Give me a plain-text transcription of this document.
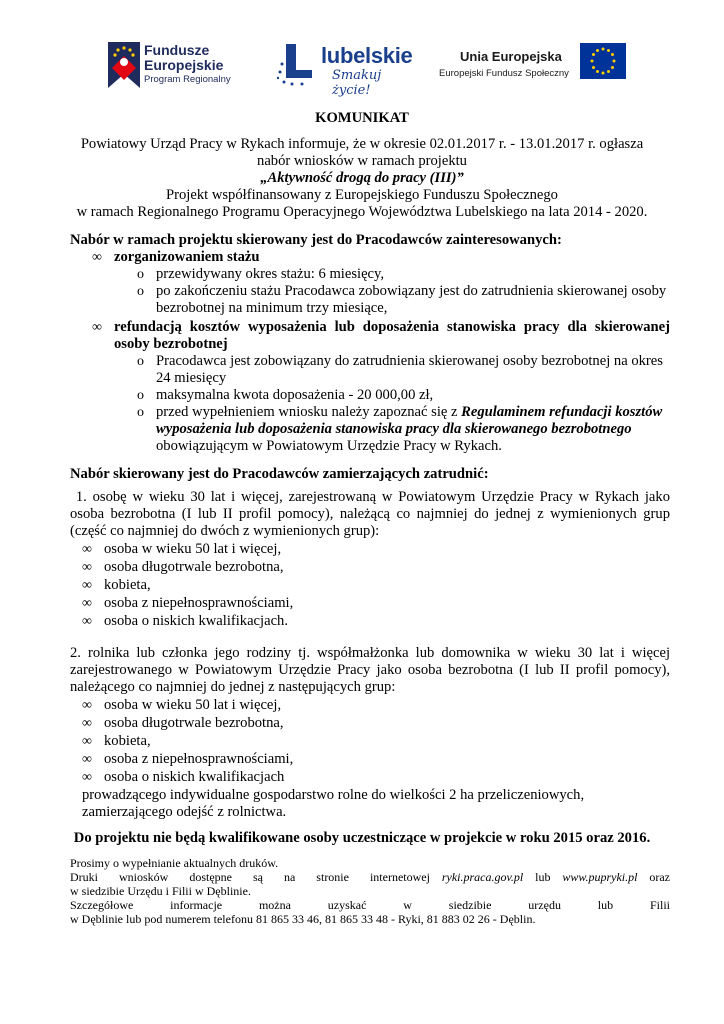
Fundusze
Europejskie
Program Regionalny
lubelskie
Smakuj życie!
Unia Europejska
Europejski Fundusz Społeczny
KOMUNIKAT
Powiatowy Urząd Pracy w Rykach informuje, że w okresie 02.01.2017 r. - 13.01.2017 r. ogłasza
nabór wniosków w ramach projektu
„Aktywność drogą do pracy (III)”
Projekt współfinansowany z Europejskiego Funduszu Społecznego
w ramach Regionalnego Programu Operacyjnego Województwa Lubelskiego na lata 2014 - 2020.
Nabór w ramach projektu skierowany jest do Pracodawców zainteresowanych:
∞ zorganizowaniem stażu
o przewidywany okres stażu: 6 miesięcy,
o po zakończeniu stażu Pracodawca zobowiązany jest do zatrudnienia skierowanej osoby
bezrobotnej na minimum trzy miesiące,
∞ refundacją kosztów wyposażenia lub doposażenia stanowiska pracy dla skierowanej
osoby bezrobotnej
o Pracodawca jest zobowiązany do zatrudnienia skierowanej osoby bezrobotnej na okres
24 miesięcy
o maksymalna kwota doposażenia - 20 000,00 zł,
o przed wypełnieniem wniosku należy zapoznać się z Regulaminem refundacji kosztów
wyposażenia lub doposażenia stanowiska pracy dla skierowanego bezrobotnego
obowiązującym w Powiatowym Urzędzie Pracy w Rykach.
Nabór skierowany jest do Pracodawców zamierzających zatrudnić:
1. osobę w wieku 30 lat i więcej, zarejestrowaną w Powiatowym Urzędzie Pracy w Rykach jako
osoba bezrobotna (I lub II profil pomocy), należącą co najmniej do jednej z wymienionych grup
(część co najmniej do dwóch z wymienionych grup):
∞ osoba w wieku 50 lat i więcej,
∞ osoba długotrwale bezrobotna,
∞ kobieta,
∞ osoba z niepełnosprawnościami,
∞ osoba o niskich kwalifikacjach.
2. rolnika lub członka jego rodziny tj. współmałżonka lub domownika w wieku 30 lat i więcej
zarejestrowanego w Powiatowym Urzędzie Pracy jako osoba bezrobotna (I lub II profil pomocy),
należącego co najmniej do jednej z następujących grup:
∞ osoba w wieku 50 lat i więcej,
∞ osoba długotrwale bezrobotna,
∞ kobieta,
∞ osoba z niepełnosprawnościami,
∞ osoba o niskich kwalifikacjach
prowadzącego indywidualne gospodarstwo rolne do wielkości 2 ha przeliczeniowych,
zamierzającego odejść z rolnictwa.
Do projektu nie będą kwalifikowane osoby uczestniczące w projekcie w roku 2015 oraz 2016.
Prosimy o wypełnianie aktualnych druków.
Druki wniosków dostępne są na stronie internetowej ryki.praca.gov.pl lub www.pupryki.pl oraz
w siedzibie Urzędu i Filii w Dęblinie.
Szczegółowe informacje można uzyskać w siedzibie urzędu lub Filii
w Dęblinie lub pod numerem telefonu 81 865 33 46, 81 865 33 48 - Ryki, 81 883 02 26 - Dęblin.
